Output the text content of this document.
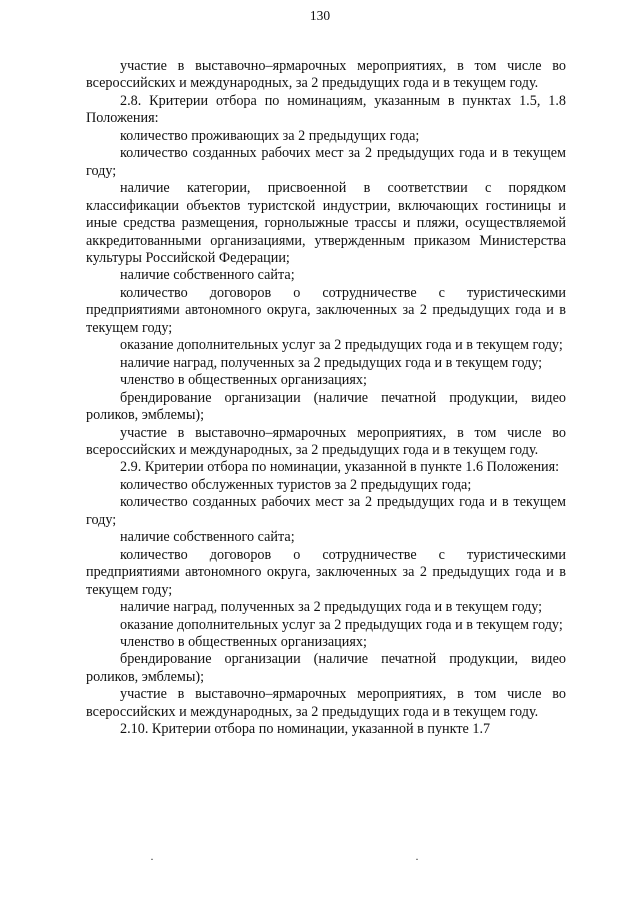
130

участие в выставочно–ярмарочных мероприятиях, в том числе во всероссийских и международных, за 2 предыдущих года и в текущем году.

2.8. Критерии отбора по номинациям, указанным в пунктах 1.5, 1.8 Положения:

количество проживающих за 2 предыдущих года;

количество созданных рабочих мест за 2 предыдущих года и в текущем году;

наличие категории, присвоенной в соответствии с порядком классификации объектов туристской индустрии, включающих гостиницы и иные средства размещения, горнолыжные трассы и пляжи, осуществляемой аккредитованными организациями, утвержденным приказом Министерства культуры Российской Федерации;

наличие собственного сайта;

количество договоров о сотрудничестве с туристическими предприятиями автономного округа, заключенных за 2 предыдущих года и в текущем году;

оказание дополнительных услуг за 2 предыдущих года и в текущем году;

наличие наград, полученных за 2 предыдущих года и в текущем году;

членство в общественных организациях;

брендирование организации (наличие печатной продукции, видео роликов, эмблемы);

участие в выставочно–ярмарочных мероприятиях, в том числе во всероссийских и международных, за 2 предыдущих года и в текущем году.

2.9. Критерии отбора по номинации, указанной в пункте 1.6 Положения:

количество обслуженных туристов за 2 предыдущих года;

количество созданных рабочих мест за 2 предыдущих года и в текущем году;

наличие собственного сайта;

количество договоров о сотрудничестве с туристическими предприятиями автономного округа, заключенных за 2 предыдущих года и в текущем году;

наличие наград, полученных за 2 предыдущих года и в текущем году;

оказание дополнительных услуг за 2 предыдущих года и в текущем году;

членство в общественных организациях;

брендирование организации (наличие печатной продукции, видео роликов, эмблемы);

участие в выставочно–ярмарочных мероприятиях, в том числе во всероссийских и международных, за 2 предыдущих года и в текущем году.

2.10. Критерии отбора по номинации, указанной в пункте 1.7

·	·
